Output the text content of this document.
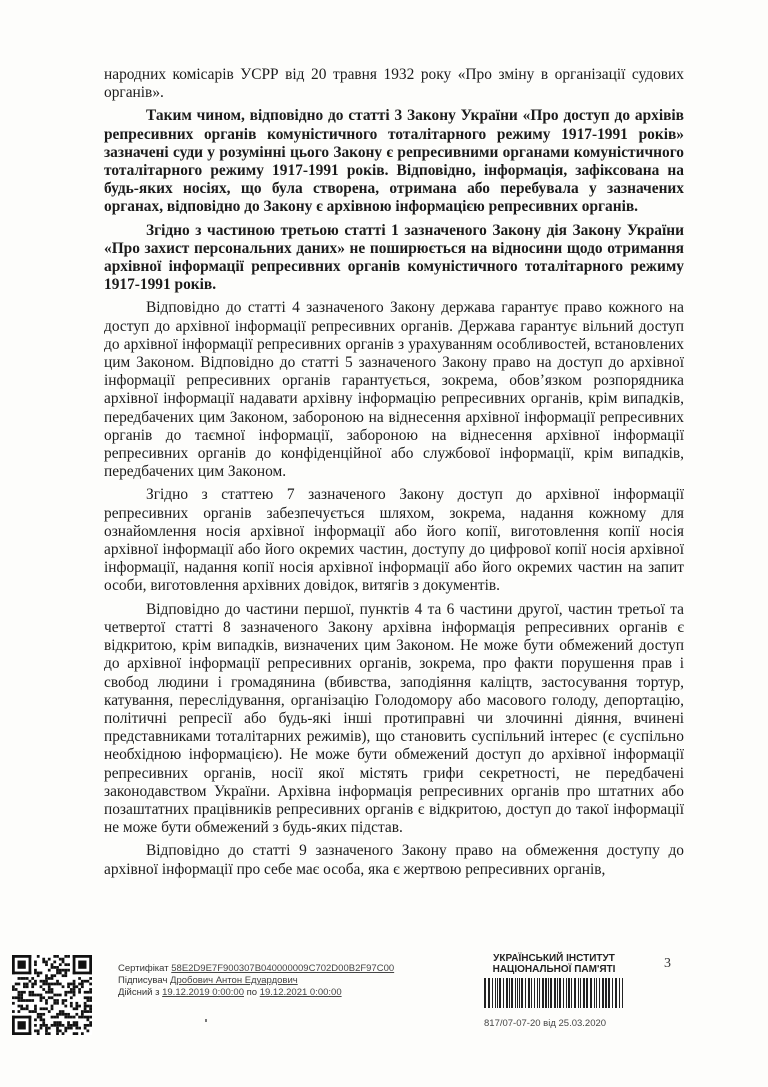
народних комісарів УСРР від 20 травня 1932 року «Про зміну в організації судових органів».

Таким чином, відповідно до статті 3 Закону України «Про доступ до архівів репресивних органів комуністичного тоталітарного режиму 1917-1991 років» зазначені суди у розумінні цього Закону є репресивними органами комуністичного тоталітарного режиму 1917-1991 років. Відповідно, інформація, зафіксована на будь-яких носіях, що була створена, отримана або перебувала у зазначених органах, відповідно до Закону є архівною інформацією репресивних органів.

Згідно з частиною третьою статті 1 зазначеного Закону дія Закону України «Про захист персональних даних» не поширюється на відносини щодо отримання архівної інформації репресивних органів комуністичного тоталітарного режиму 1917-1991 років.

Відповідно до статті 4 зазначеного Закону держава гарантує право кожного на доступ до архівної інформації репресивних органів. Держава гарантує вільний доступ до архівної інформації репресивних органів з урахуванням особливостей, встановлених цим Законом. Відповідно до статті 5 зазначеного Закону право на доступ до архівної інформації репресивних органів гарантується, зокрема, обов’язком розпорядника архівної інформації надавати архівну інформацію репресивних органів, крім випадків, передбачених цим Законом, забороною на віднесення архівної інформації репресивних органів до таємної інформації, забороною на віднесення архівної інформації репресивних органів до конфіденційної або службової інформації, крім випадків, передбачених цим Законом.

Згідно з статтею 7 зазначеного Закону доступ до архівної інформації репресивних органів забезпечується шляхом, зокрема, надання кожному для ознайомлення носія архівної інформації або його копії, виготовлення копії носія архівної інформації або його окремих частин, доступу до цифрової копії носія архівної інформації, надання копії носія архівної інформації або його окремих частин на запит особи, виготовлення архівних довідок, витягів з документів.

Відповідно до частини першої, пунктів 4 та 6 частини другої, частин третьої та четвертої статті 8 зазначеного Закону архівна інформація репресивних органів є відкритою, крім випадків, визначених цим Законом. Не може бути обмежений доступ до архівної інформації репресивних органів, зокрема, про факти порушення прав і свобод людини і громадянина (вбивства, заподіяння каліцтв, застосування тортур, катування, переслідування, організацію Голодомору або масового голоду, депортацію, політичні репресії або будь-які інші протиправні чи злочинні діяння, вчинені представниками тоталітарних режимів), що становить суспільний інтерес (є суспільно необхідною інформацією). Не може бути обмежений доступ до архівної інформації репресивних органів, носії якої містять грифи секретності, не передбачені законодавством України. Архівна інформація репресивних органів про штатних або позаштатних працівників репресивних органів є відкритою, доступ до такої інформації не може бути обмежений з будь-яких підстав.

Відповідно до статті 9 зазначеного Закону право на обмеження доступу до архівної інформації про себе має особа, яка є жертвою репресивних органів,

Сертифікат 58E2D9E7F900307B040000009C702D00B2F97C00
Підписувач Дробович Антон Едуардович
Дійсний з 19.12.2019 0:00:00 по 19.12.2021 0:00:00
УКРАЇНСЬКИЙ ІНСТИТУТ
НАЦІОНАЛЬНОЇ ПАМ'ЯТІ	3
817/07-07-20 від 25.03.2020
